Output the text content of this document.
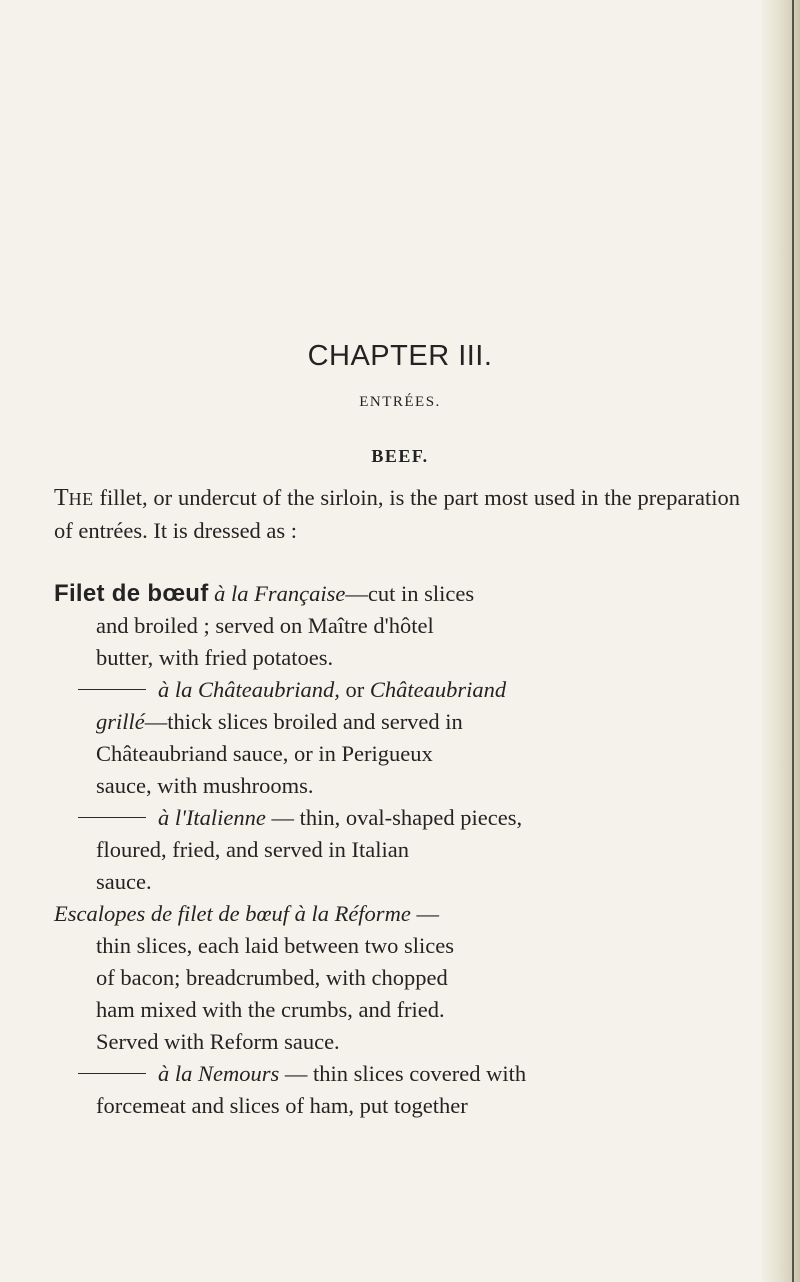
CHAPTER III.
ENTRÉES.
BEEF.
THE fillet, or undercut of the sirloin, is the part most used in the preparation of entrées. It is dressed as :
Filet de bœuf à la Française—cut in slices
and broiled ; served on Maître d'hôtel
butter, with fried potatoes.
à la Châteaubriand, or Châteaubriand
grillé—thick slices broiled and served in
Châteaubriand sauce, or in Perigueux
sauce, with mushrooms.
à l'Italienne — thin, oval-shaped pieces,
floured, fried, and served in Italian
sauce.
Escalopes de filet de bœuf à la Réforme —
thin slices, each laid between two slices
of bacon; breadcrumbed, with chopped
ham mixed with the crumbs, and fried.
Served with Reform sauce.
à la Nemours — thin slices covered with
forcemeat and slices of ham, put together
